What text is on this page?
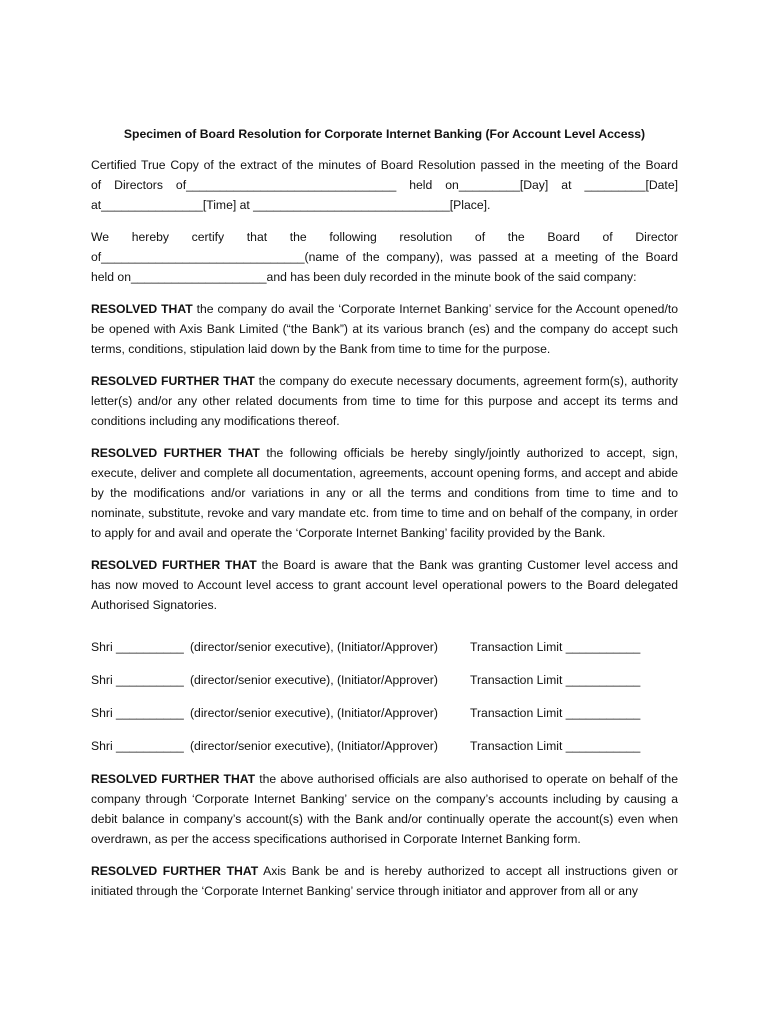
Specimen of Board Resolution for Corporate Internet Banking (For Account Level Access)

Certified True Copy of the extract of the minutes of Board Resolution passed in the meeting of the Board
of Directors of_______________________________ held on_________[Day] at _________[Date]
at_______________[Time] at _____________________________[Place].

We hereby certify that the following resolution of the Board of Director
of______________________________(name of the company), was passed at a meeting of the Board
held on____________________and has been duly recorded in the minute book of the said company:

RESOLVED THAT the company do avail the ‘Corporate Internet Banking’ service for the Account opened/to be opened with Axis Bank Limited (“the Bank”) at its various branch (es) and the company do accept such terms, conditions, stipulation laid down by the Bank from time to time for the purpose.

RESOLVED FURTHER THAT the company do execute necessary documents, agreement form(s), authority letter(s) and/or any other related documents from time to time for this purpose and accept its terms and conditions including any modifications thereof.

RESOLVED FURTHER THAT the following officials be hereby singly/jointly authorized to accept, sign, execute, deliver and complete all documentation, agreements, account opening forms, and accept and abide by the modifications and/or variations in any or all the terms and conditions from time to time and to nominate, substitute, revoke and vary mandate etc. from time to time and on behalf of the company, in order to apply for and avail and operate the ‘Corporate Internet Banking’ facility provided by the Bank.

RESOLVED FURTHER THAT the Board is aware that the Bank was granting Customer level access and has now moved to Account level access to grant account level operational powers to the Board delegated Authorised Signatories.

Shri __________ (director/senior executive), (Initiator/Approver)	Transaction Limit ___________
Shri __________ (director/senior executive), (Initiator/Approver)	Transaction Limit ___________
Shri __________ (director/senior executive), (Initiator/Approver)	Transaction Limit ___________
Shri __________ (director/senior executive), (Initiator/Approver)	Transaction Limit ___________

RESOLVED FURTHER THAT the above authorised officials are also authorised to operate on behalf of the company through ‘Corporate Internet Banking’ service on the company’s accounts including by causing a debit balance in company’s account(s) with the Bank and/or continually operate the account(s) even when overdrawn, as per the access specifications authorised in Corporate Internet Banking form.

RESOLVED FURTHER THAT Axis Bank be and is hereby authorized to accept all instructions given or initiated through the ‘Corporate Internet Banking’ service through initiator and approver from all or any
